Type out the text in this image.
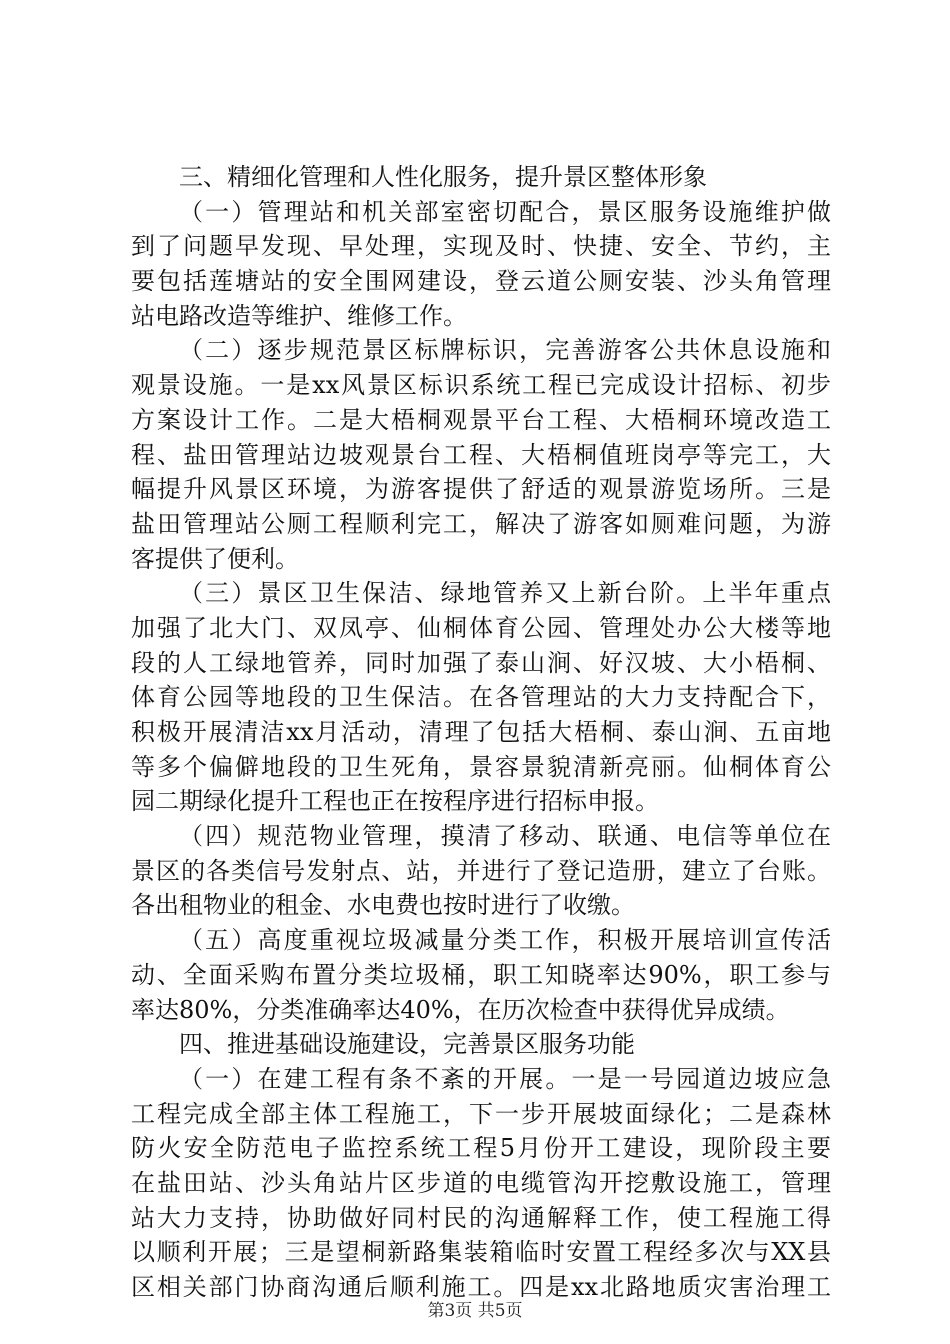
三、精细化管理和人性化服务，提升景区整体形象
（一）管理站和机关部室密切配合，景区服务设施维护做
到了问题早发现、早处理，实现及时、快捷、安全、节约，主
要包括莲塘站的安全围网建设，登云道公厕安装、沙头角管理
站电路改造等维护、维修工作。
（二）逐步规范景区标牌标识，完善游客公共休息设施和
观景设施。一是xx风景区标识系统工程已完成设计招标、初步
方案设计工作。二是大梧桐观景平台工程、大梧桐环境改造工
程、盐田管理站边坡观景台工程、大梧桐值班岗亭等完工，大
幅提升风景区环境，为游客提供了舒适的观景游览场所。三是
盐田管理站公厕工程顺利完工，解决了游客如厕难问题，为游
客提供了便利。
（三）景区卫生保洁、绿地管养又上新台阶。上半年重点
加强了北大门、双凤亭、仙桐体育公园、管理处办公大楼等地
段的人工绿地管养，同时加强了泰山涧、好汉坡、大小梧桐、
体育公园等地段的卫生保洁。在各管理站的大力支持配合下，
积极开展清洁xx月活动，清理了包括大梧桐、泰山涧、五亩地
等多个偏僻地段的卫生死角，景容景貌清新亮丽。仙桐体育公
园二期绿化提升工程也正在按程序进行招标申报。
（四）规范物业管理，摸清了移动、联通、电信等单位在
景区的各类信号发射点、站，并进行了登记造册，建立了台账。
各出租物业的租金、水电费也按时进行了收缴。
（五）高度重视垃圾减量分类工作，积极开展培训宣传活
动、全面采购布置分类垃圾桶，职工知晓率达90%，职工参与
率达80%，分类准确率达40%，在历次检查中获得优异成绩。
四、推进基础设施建设，完善景区服务功能
（一）在建工程有条不紊的开展。一是一号园道边坡应急
工程完成全部主体工程施工，下一步开展坡面绿化；二是森林
防火安全防范电子监控系统工程5月份开工建设，现阶段主要
在盐田站、沙头角站片区步道的电缆管沟开挖敷设施工，管理
站大力支持，协助做好同村民的沟通解释工作，使工程施工得
以顺利开展；三是望桐新路集装箱临时安置工程经多次与XX县
区相关部门协商沟通后顺利施工。四是xx北路地质灾害治理工
第3页 共5页
